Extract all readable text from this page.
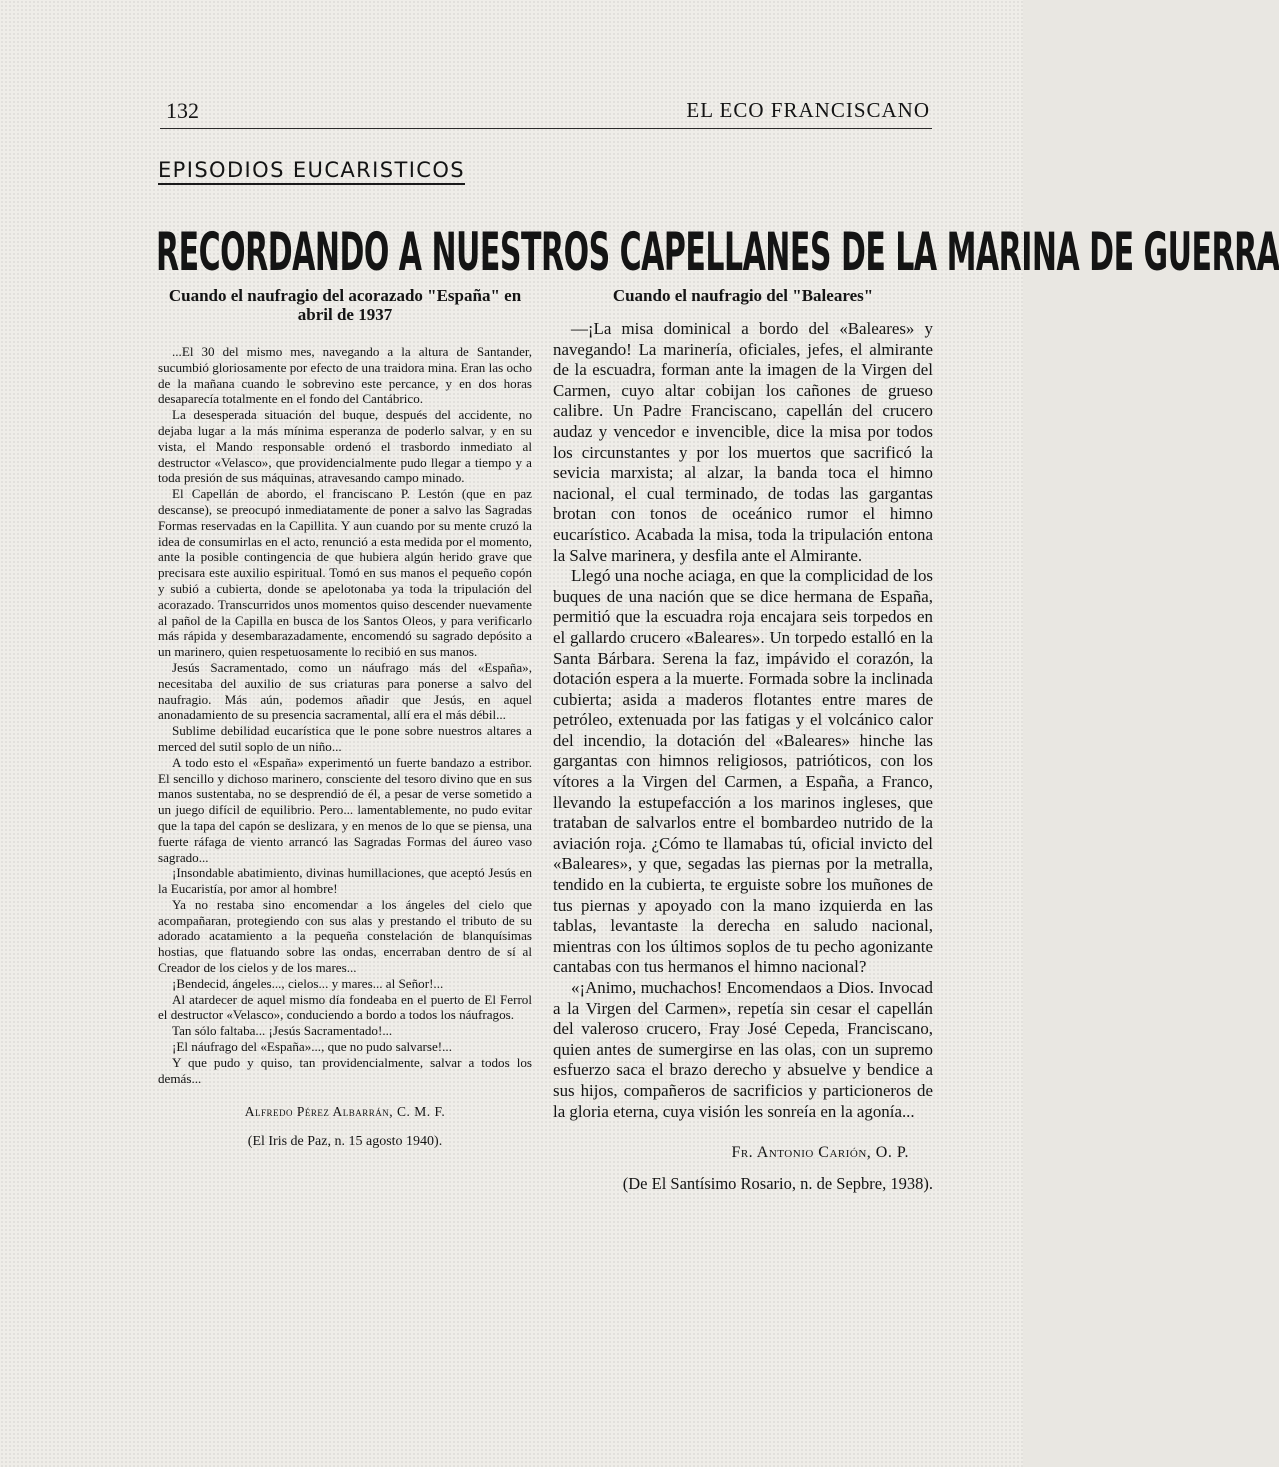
132	EL ECO FRANCISCANO
EPISODIOS EUCARISTICOS
RECORDANDO A NUESTROS CAPELLANES DE LA MARINA DE GUERRA
Cuando el naufragio del acorazado "España" en abril de 1937

...El 30 del mismo mes, navegando a la altura de Santander, sucumbió gloriosamente por efecto de una traidora mina. Eran las ocho de la mañana cuando le sobrevino este percance, y en dos horas desaparecía totalmente en el fondo del Cantábrico.

La desesperada situación del buque, después del accidente, no dejaba lugar a la más mínima esperanza de poderlo salvar, y en su vista, el Mando responsable ordenó el trasbordo inmediato al destructor «Velasco», que providencialmente pudo llegar a tiempo y a toda presión de sus máquinas, atravesando campo minado.

El Capellán de abordo, el franciscano P. Lestón (que en paz descanse), se preocupó inmediatamente de poner a salvo las Sagradas Formas reservadas en la Capillita. Y aun cuando por su mente cruzó la idea de consumirlas en el acto, renunció a esta medida por el momento, ante la posible contingencia de que hubiera algún herido grave que precisara este auxilio espiritual. Tomó en sus manos el pequeño copón y subió a cubierta, donde se apelotonaba ya toda la tripulación del acorazado. Transcurridos unos momentos quiso descender nuevamente al pañol de la Capilla en busca de los Santos Oleos, y para verificarlo más rápida y desembarazadamente, encomendó su sagrado depósito a un marinero, quien respetuosamente lo recibió en sus manos.

Jesús Sacramentado, como un náufrago más del «España», necesitaba del auxilio de sus criaturas para ponerse a salvo del naufragio. Más aún, podemos añadir que Jesús, en aquel anonadamiento de su presencia sacramental, allí era el más débil...

Sublime debilidad eucarística que le pone sobre nuestros altares a merced del sutil soplo de un niño...

A todo esto el «España» experimentó un fuerte bandazo a estribor. El sencillo y dichoso marinero, consciente del tesoro divino que en sus manos sustentaba, no se desprendió de él, a pesar de verse sometido a un juego difícil de equilibrio. Pero... lamentablemente, no pudo evitar que la tapa del capón se deslizara, y en menos de lo que se piensa, una fuerte ráfaga de viento arrancó las Sagradas Formas del áureo vaso sagrado...

¡Insondable abatimiento, divinas humillaciones, que aceptó Jesús en la Eucaristía, por amor al hombre!

Ya no restaba sino encomendar a los ángeles del cielo que acompañaran, protegiendo con sus alas y prestando el tributo de su adorado acatamiento a la pequeña constelación de blanquísimas hostias, que flatuando sobre las ondas, encerraban dentro de sí al Creador de los cielos y de los mares...

¡Bendecid, ángeles..., cielos... y mares... al Señor!...

Al atardecer de aquel mismo día fondeaba en el puerto de El Ferrol el destructor «Velasco», conduciendo a bordo a todos los náufragos.

Tan sólo faltaba... ¡Jesús Sacramentado!...

¡El náufrago del «España»..., que no pudo salvarse!...

Y que pudo y quiso, tan providencialmente, salvar a todos los demás...

Alfredo Pérez Albarrán, C. M. F.
(El Iris de Paz, n. 15 agosto 1940).
Cuando el naufragio del "Baleares"

—¡La misa dominical a bordo del «Baleares» y navegando! La marinería, oficiales, jefes, el almirante de la escuadra, forman ante la imagen de la Virgen del Carmen, cuyo altar cobijan los cañones de grueso calibre. Un Padre Franciscano, capellán del crucero audaz y vencedor e invencible, dice la misa por todos los circunstantes y por los muertos que sacrificó la sevicia marxista; al alzar, la banda toca el himno nacional, el cual terminado, de todas las gargantas brotan con tonos de oceánico rumor el himno eucarístico. Acabada la misa, toda la tripulación entona la Salve marinera, y desfila ante el Almirante.

Llegó una noche aciaga, en que la complicidad de los buques de una nación que se dice hermana de España, permitió que la escuadra roja encajara seis torpedos en el gallardo crucero «Baleares». Un torpedo estalló en la Santa Bárbara. Serena la faz, impávido el corazón, la dotación espera a la muerte. Formada sobre la inclinada cubierta; asida a maderos flotantes entre mares de petróleo, extenuada por las fatigas y el volcánico calor del incendio, la dotación del «Baleares» hinche las gargantas con himnos religiosos, patrióticos, con los vítores a la Virgen del Carmen, a España, a Franco, llevando la estupefacción a los marinos ingleses, que trataban de salvarlos entre el bombardeo nutrido de la aviación roja. ¿Cómo te llamabas tú, oficial invicto del «Baleares», y que, segadas las piernas por la metralla, tendido en la cubierta, te erguiste sobre los muñones de tus piernas y apoyado con la mano izquierda en las tablas, levantaste la derecha en saludo nacional, mientras con los últimos soplos de tu pecho agonizante cantabas con tus hermanos el himno nacional?

«¡Animo, muchachos! Encomendaos a Dios. Invocad a la Virgen del Carmen», repetía sin cesar el capellán del valeroso crucero, Fray José Cepeda, Franciscano, quien antes de sumergirse en las olas, con un supremo esfuerzo saca el brazo derecho y absuelve y bendice a sus hijos, compañeros de sacrificios y particioneros de la gloria eterna, cuya visión les sonreía en la agonía...

Fr. Antonio Carión, O. P.
(De El Santísimo Rosario, n. de Sepbre, 1938).
